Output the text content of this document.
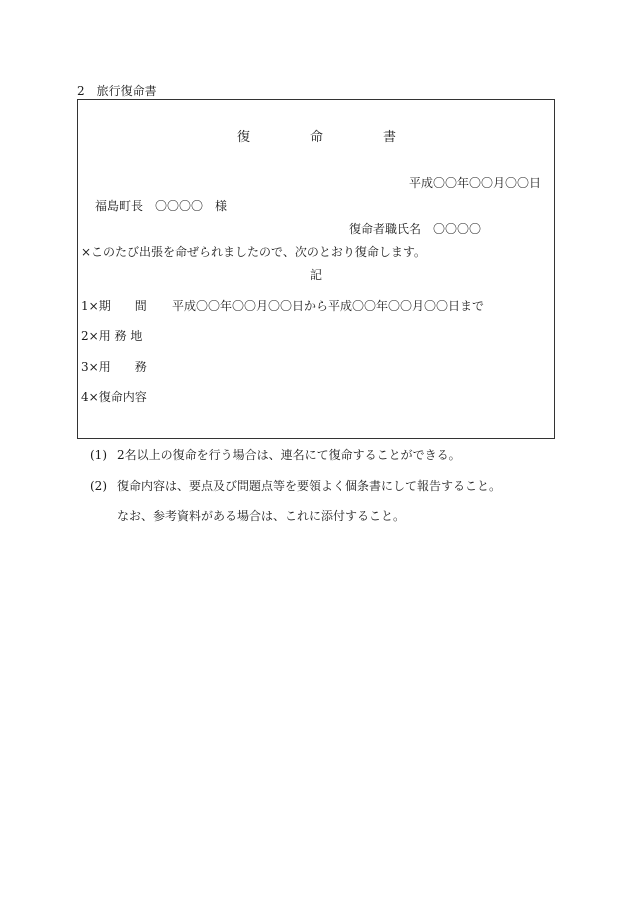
2　旅行復命書
復	命	書
平成〇〇年〇〇月〇〇日
福島町長　〇〇〇〇　様
復命者職氏名　〇〇〇〇
×このたび出張を命ぜられましたので、次のとおり復命します。
記
1×期　　間 平成〇〇年〇〇月〇〇日から平成〇〇年〇〇月〇〇日まで
2×用 務 地
3×用　　務
4×復命内容
(1) 2名以上の復命を行う場合は、連名にて復命することができる。
(2) 復命内容は、要点及び問題点等を要領よく個条書にして報告すること。
なお、参考資料がある場合は、これに添付すること。
